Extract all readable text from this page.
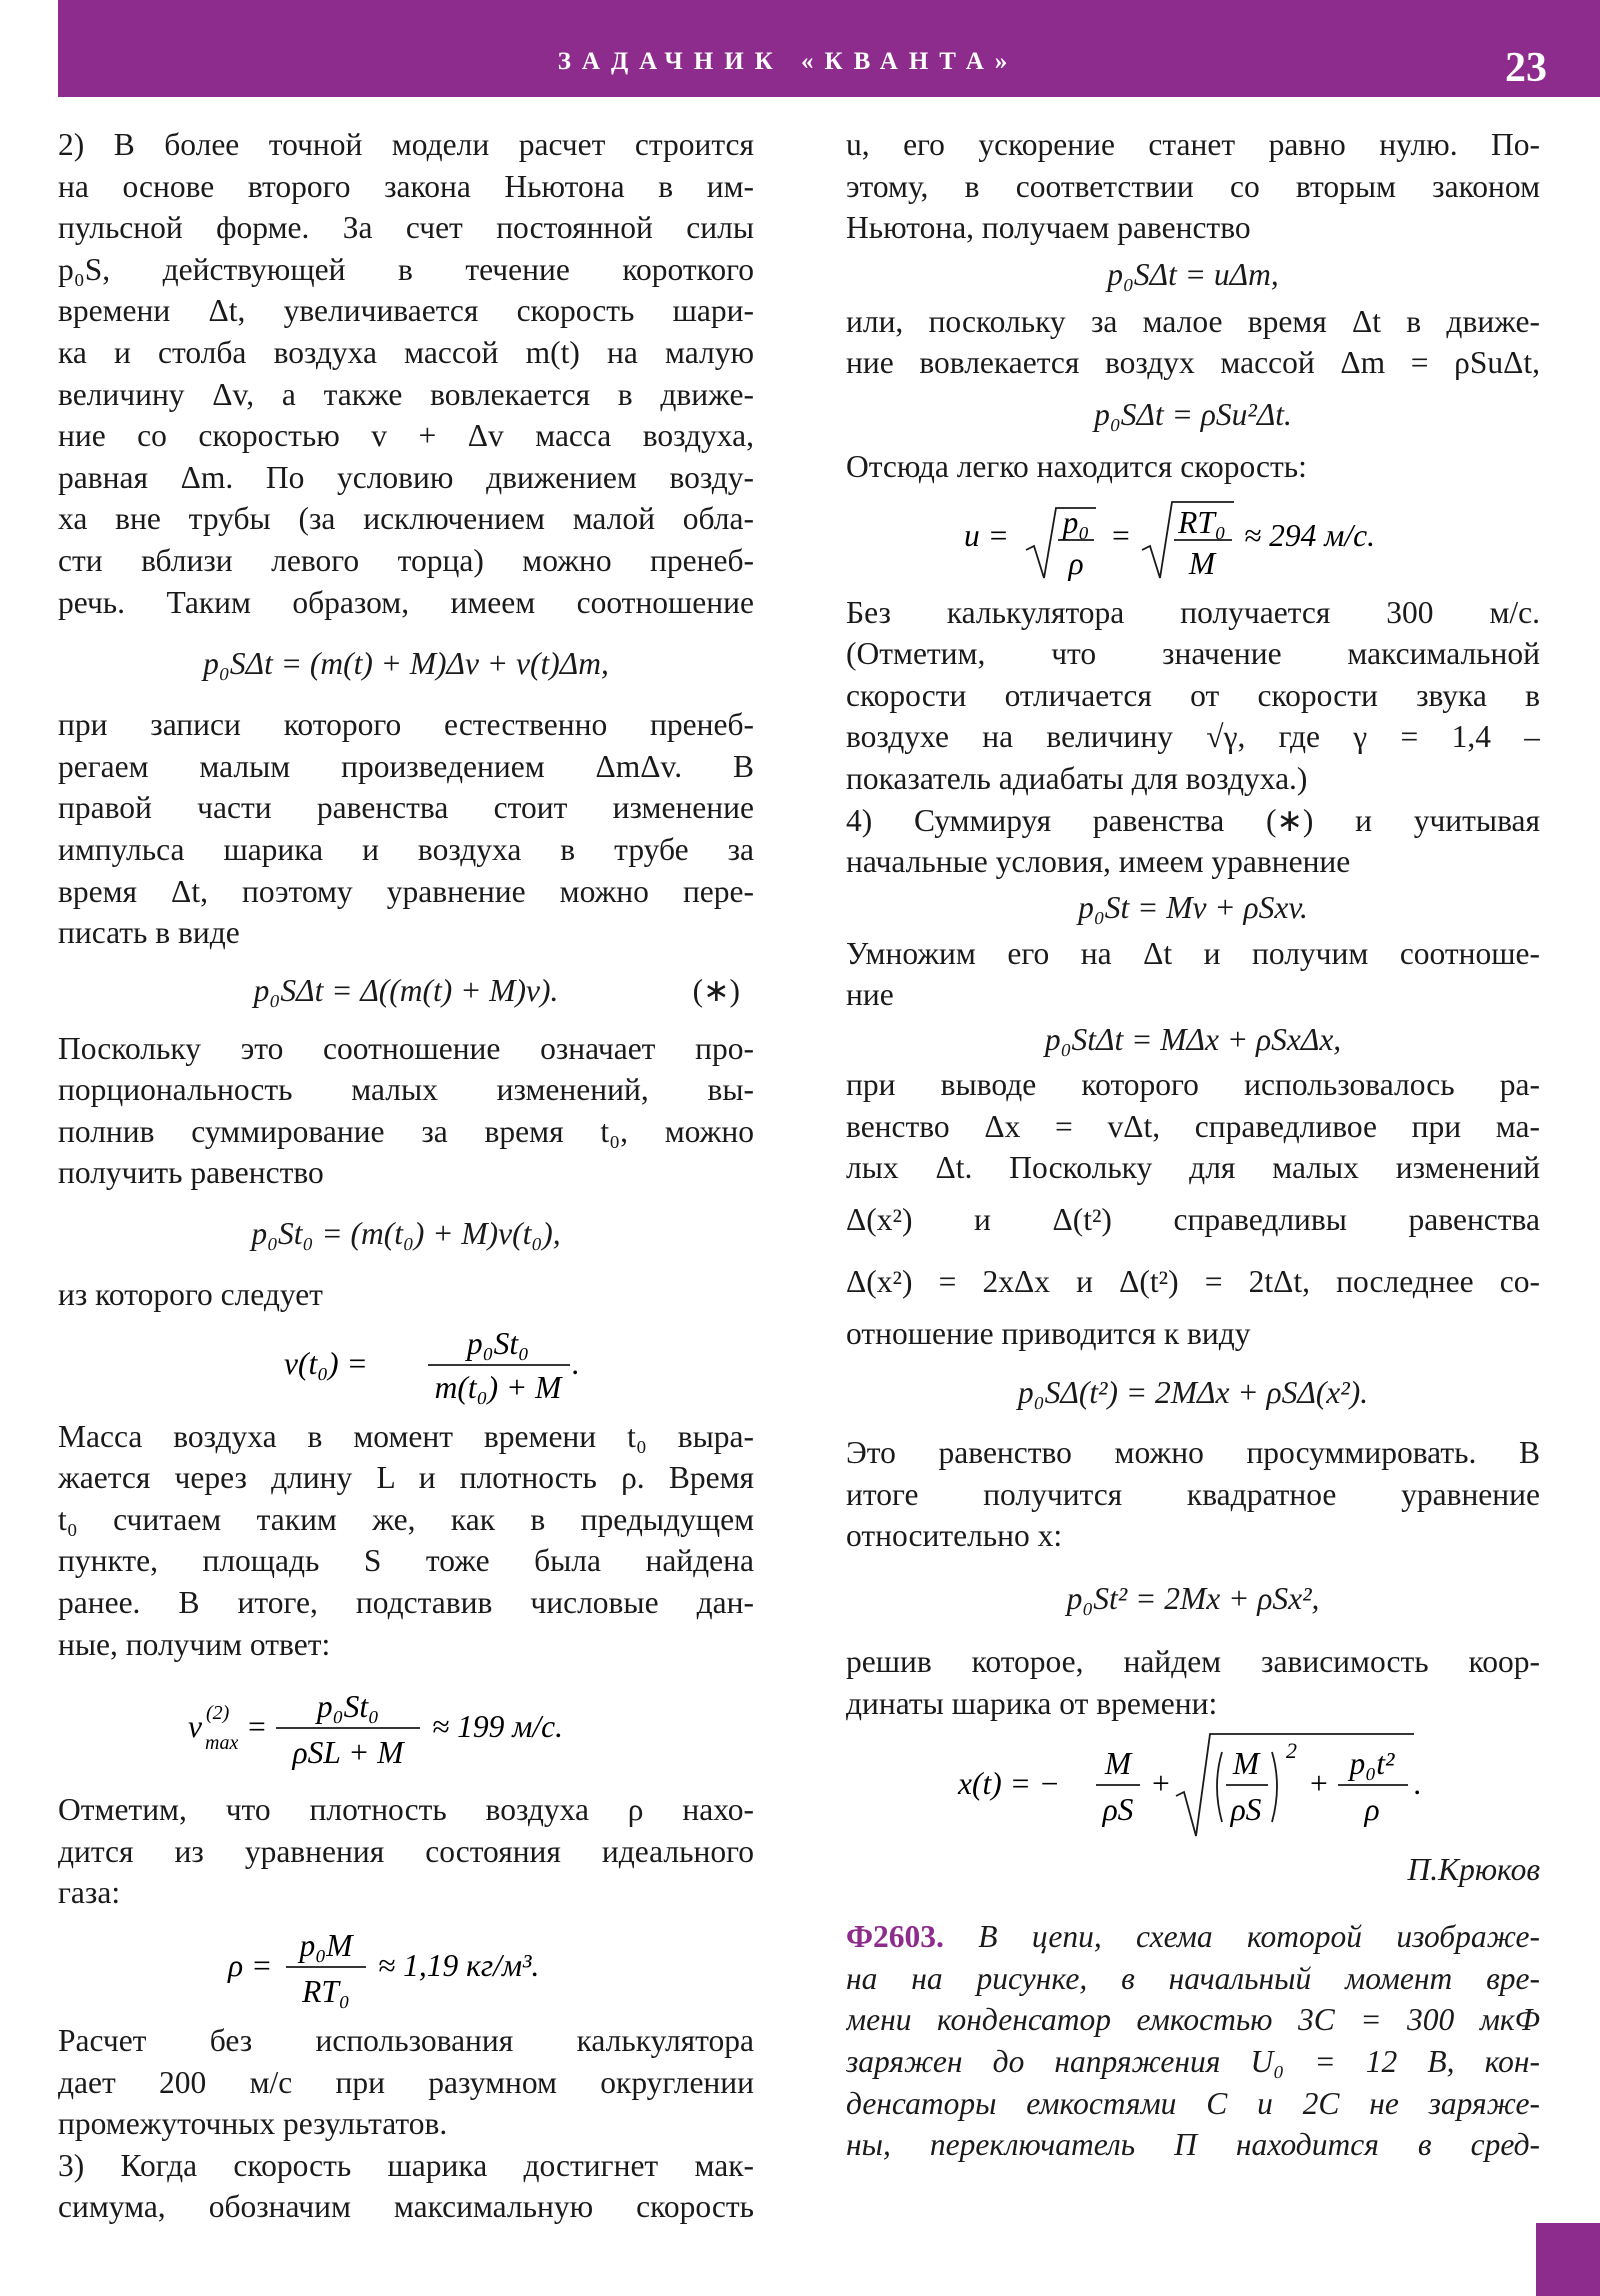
ЗАДАЧНИК «КВАНТА»	23
2) В более точной модели расчет строится
на основе второго закона Ньютона в им-
пульсной форме. За счет постоянной силы
p₀S, действующей в течение короткого
времени Δt, увеличивается скорость шари-
ка и столба воздуха массой m(t) на малую
величину Δv, а также вовлекается в движе-
ние со скоростью v + Δv масса воздуха,
равная Δm. По условию движением возду-
ха вне трубы (за исключением малой обла-
сти вблизи левого торца) можно пренеб-
речь. Таким образом, имеем соотношение
p₀SΔt = (m(t) + M)Δv + v(t)Δm,
при записи которого естественно пренеб-
регаем малым произведением ΔmΔv. В
правой части равенства стоит изменение
импульса шарика и воздуха в трубе за
время Δt, поэтому уравнение можно пере-
писать в виде
p₀SΔt = Δ((m(t) + M)v).	(∗)
Поскольку это соотношение означает про-
порциональность малых изменений, вы-
полнив суммирование за время t₀, можно
получить равенство
p₀St₀ = (m(t₀) + M)v(t₀),
из которого следует
v(t₀) =
p₀St₀
m(t₀) + M
.
Масса воздуха в момент времени t₀ выра-
жается через длину L и плотность ρ. Время
t₀ считаем таким же, как в предыдущем
пункте, площадь S тоже была найдена
ранее. В итоге, подставив числовые дан-
ные, получим ответ:
v (2)
max =
p₀St₀
ρSL + M
≈ 199 м/с.
Отметим, что плотность воздуха ρ нахо-
дится из уравнения состояния идеального
газа:
ρ =
p₀M
RT₀
≈ 1,19 кг/м³.
Расчет без использования калькулятора
дает 200 м/с при разумном округлении
промежуточных результатов.
3) Когда скорость шарика достигнет мак-
симума, обозначим максимальную скорость
u, его ускорение станет равно нулю. По-
этому, в соответствии со вторым законом
Ньютона, получаем равенство
p₀SΔt = uΔm,
или, поскольку за малое время Δt в движе-
ние вовлекается воздух массой Δm = ρSuΔt,
p₀SΔt = ρSu²Δt.
Отсюда легко находится скорость:
u = p₀
ρ
= RT₀
M
≈ 294 м/с.
Без калькулятора получается 300 м/с.
(Отметим, что значение максимальной
скорости отличается от скорости звука в
воздухе на величину √γ, где γ = 1,4 –
показатель адиабаты для воздуха.)
4) Суммируя равенства (∗) и учитывая
начальные условия, имеем уравнение
p₀St = Mv + ρSxv.
Умножим его на Δt и получим соотноше-
ние
p₀StΔt = MΔx + ρSxΔx,
при выводе которого использовалось ра-
венство Δx = vΔt, справедливое при ма-
лых Δt. Поскольку для малых изменений
Δ(x²) и Δ(t²) справедливы равенства
Δ(x²) = 2xΔx и Δ(t²) = 2tΔt, последнее со-
отношение приводится к виду
p₀SΔ(t²) = 2MΔx + ρSΔ(x²).
Это равенство можно просуммировать. В
итоге получится квадратное уравнение
относительно x:
p₀St² = 2Mx + ρSx²,
решив которое, найдем зависимость коор-
динаты шарика от времени:
x(t) = −
M
ρS
+
M
ρS
2
+
p₀t²
ρ
.
П.Крюков
Ф2603. В цепи, схема которой изображе-
на на рисунке, в начальный момент вре-
мени конденсатор емкостью 3C = 300 мкФ
заряжен до напряжения U₀ = 12 В, кон-
денсаторы емкостями C и 2C не заряже-
ны, переключатель П находится в сред-
